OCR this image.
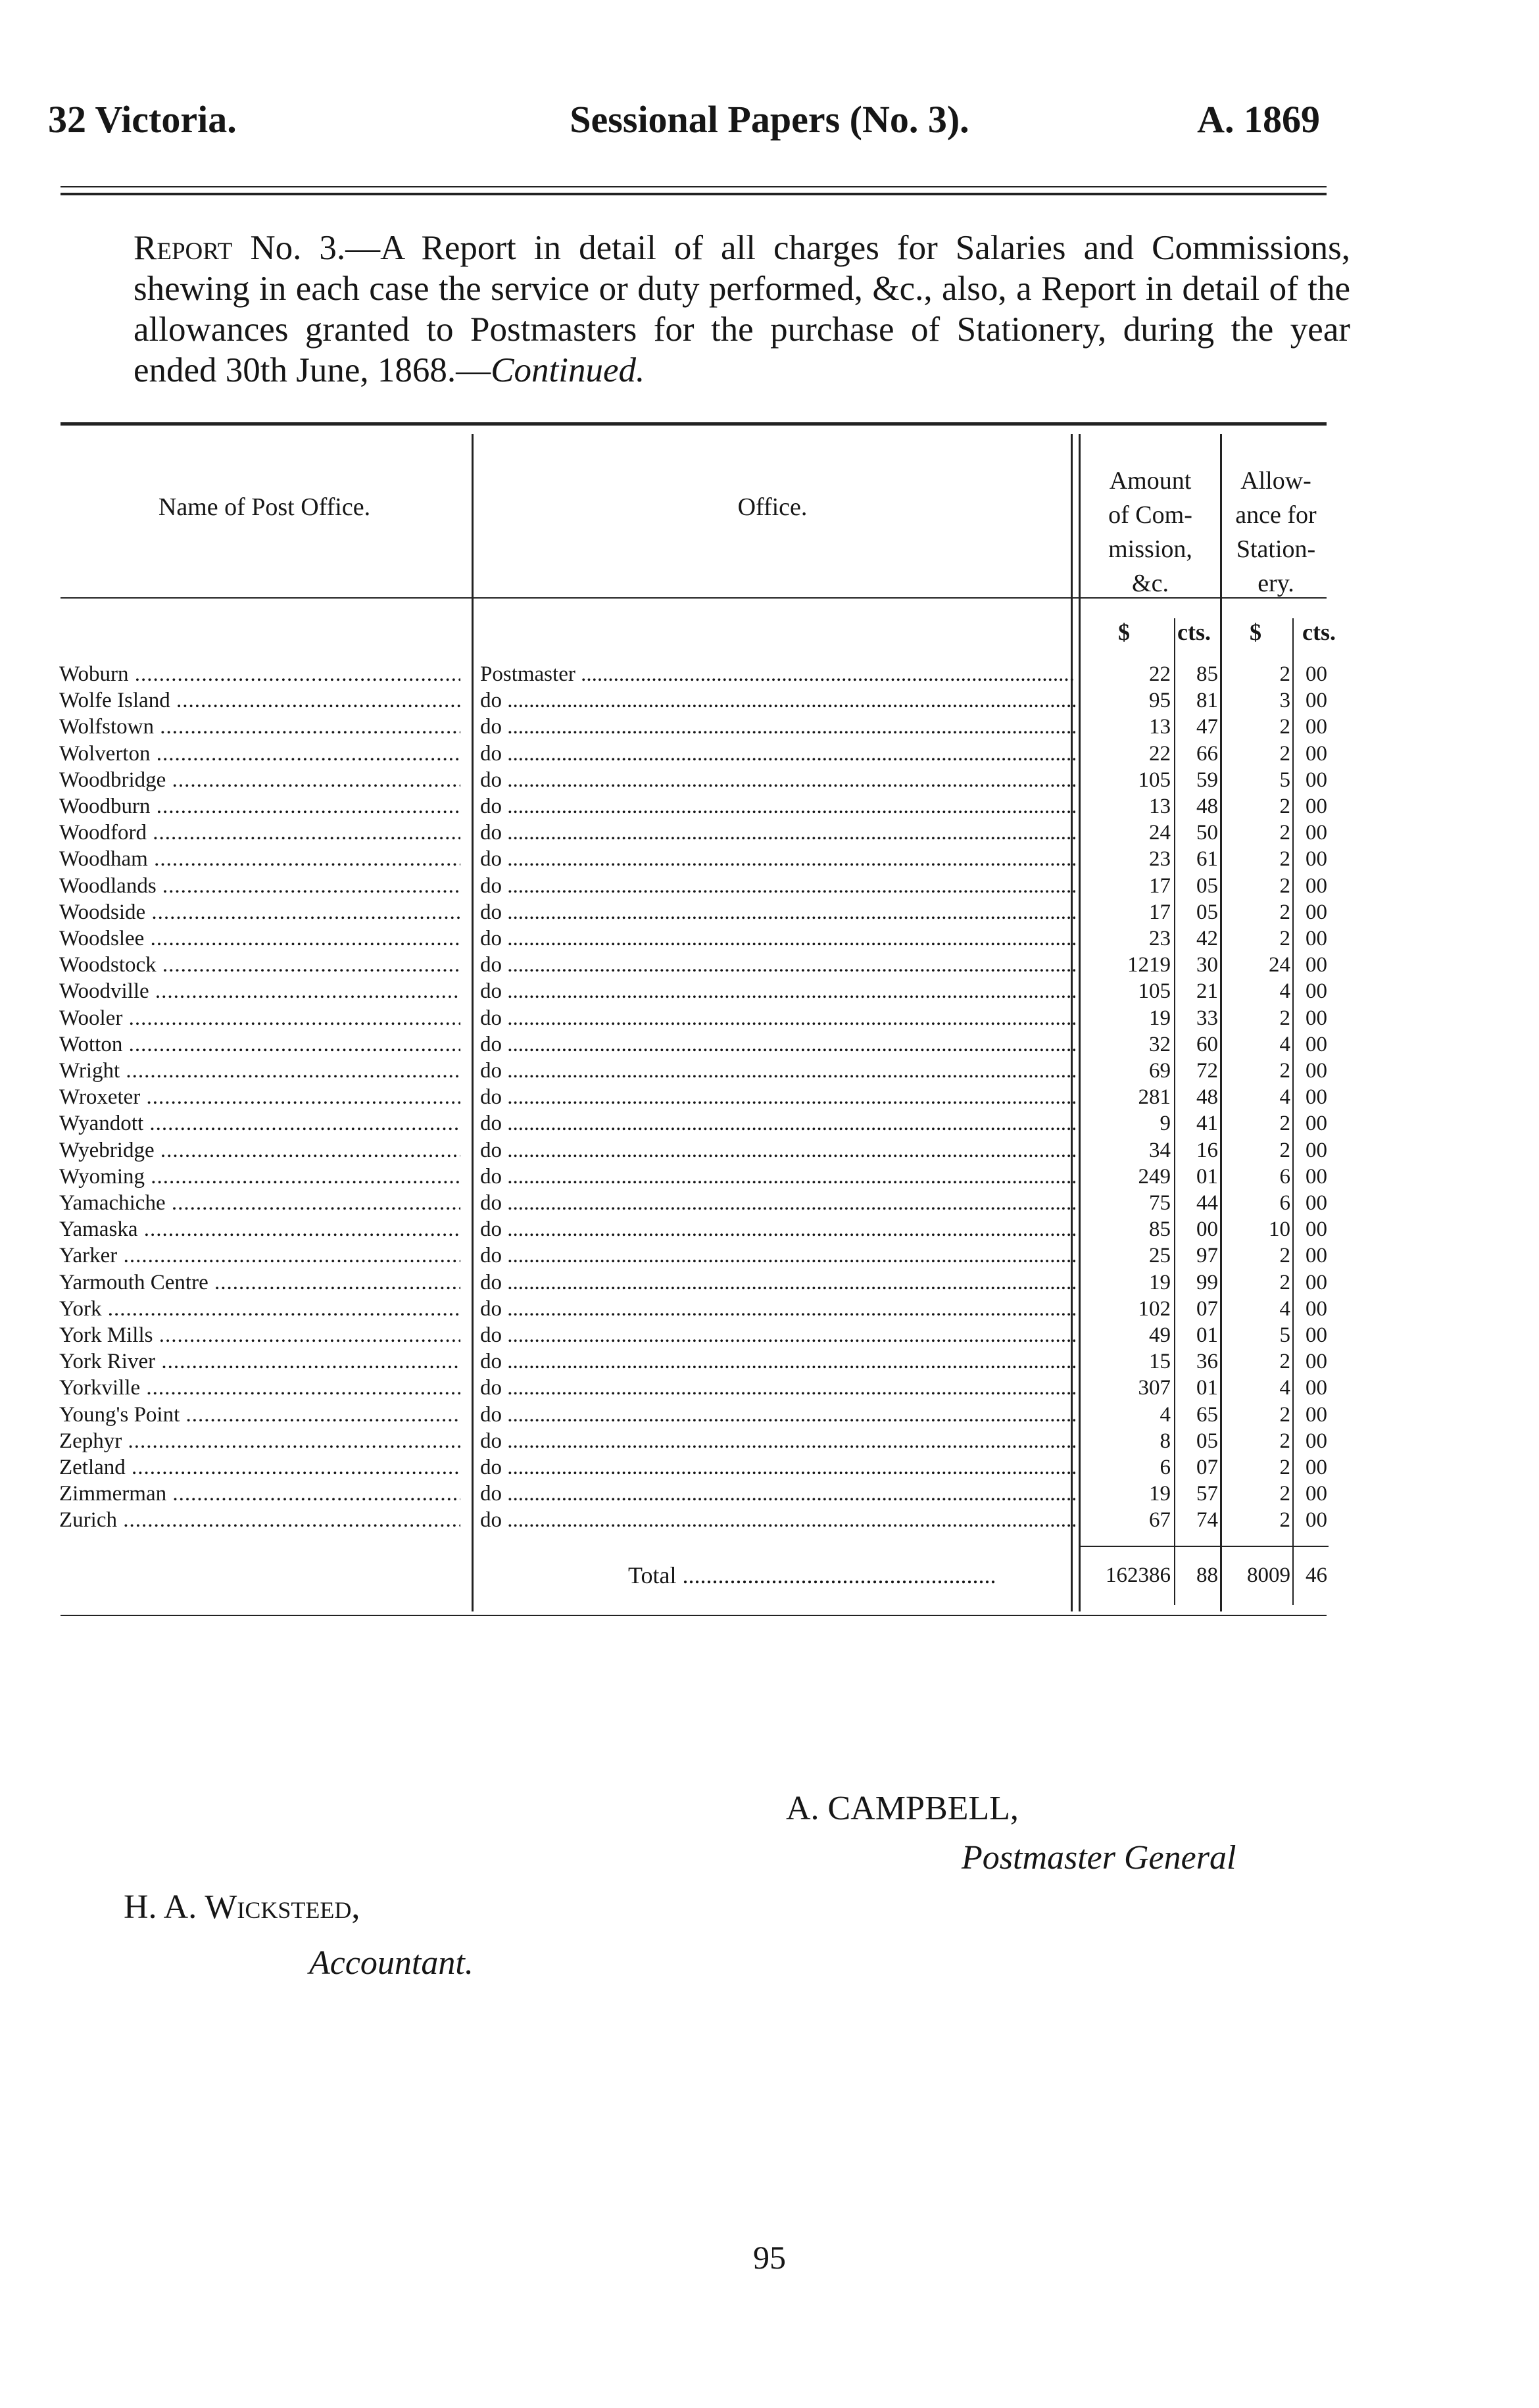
32 Victoria.	Sessional Papers (No. 3).	A. 1869
Report No. 3.—A Report in detail of all charges for Salaries and Commissions, shewing in each case the service or duty performed, &c., also, a Report in detail of the allowances granted to Postmasters for the purchase of Stationery, during the year ended 30th June, 1868.—Continued.
Name of Post Office.	Office.
Amount
of Com-
mission,
&c.
Allow-
ance for
Station-
ery.
$ cts. $ cts.
Woburn .....	Postmaster .....	22	85	2 00
Wolfe Island .....	do .....	95	81	3 00
Wolfstown .....	do .....	13	47	2 00
Wolverton .....	do .....	22	66	2 00
Woodbridge .....	do .....	105	59	5 00
Woodburn .....	do .....	13	48	2 00
Woodford .....	do .....	24	50	2 00
Woodham .....	do .....	23	61	2 00
Woodlands .....	do .....	17	05	2 00
Woodside .....	do .....	17	05	2 00
Woodslee .....	do .....	23	42	2 00
Woodstock .....	do .....	1219	30	24 00
Woodville .....	do .....	105	21	4 00
Wooler .....	do .....	19	33	2 00
Wotton .....	do .....	32	60	4 00
Wright .....	do .....	69	72	2 00
Wroxeter .....	do .....	281	48	4 00
Wyandott .....	do .....	9	41	2 00
Wyebridge .....	do .....	34	16	2 00
Wyoming .....	do .....	249	01	6 00
Yamachiche .....	do .....	75	44	6 00
Yamaska .....	do .....	85	00	10 00
Yarker .....	do .....	25	97	2 00
Yarmouth Centre .....	do .....	19	99	2 00
York .....	do .....	102	07	4 00
York Mills .....	do .....	49	01	5 00
York River .....	do .....	15	36	2 00
Yorkville .....	do .....	307	01	4 00
Young's Point .....	do .....	4	65	2 00
Zephyr .....	do .....	8	05	2 00
Zetland .....	do .....	6	07	2 00
Zimmerman .....	do .....	19	57	2 00
Zurich .....	do .....	67	74	2 00
Total .....	162386	88	8009 46
A. CAMPBELL,
Postmaster General
H. A. Wicksteed,
Accountant.
95
